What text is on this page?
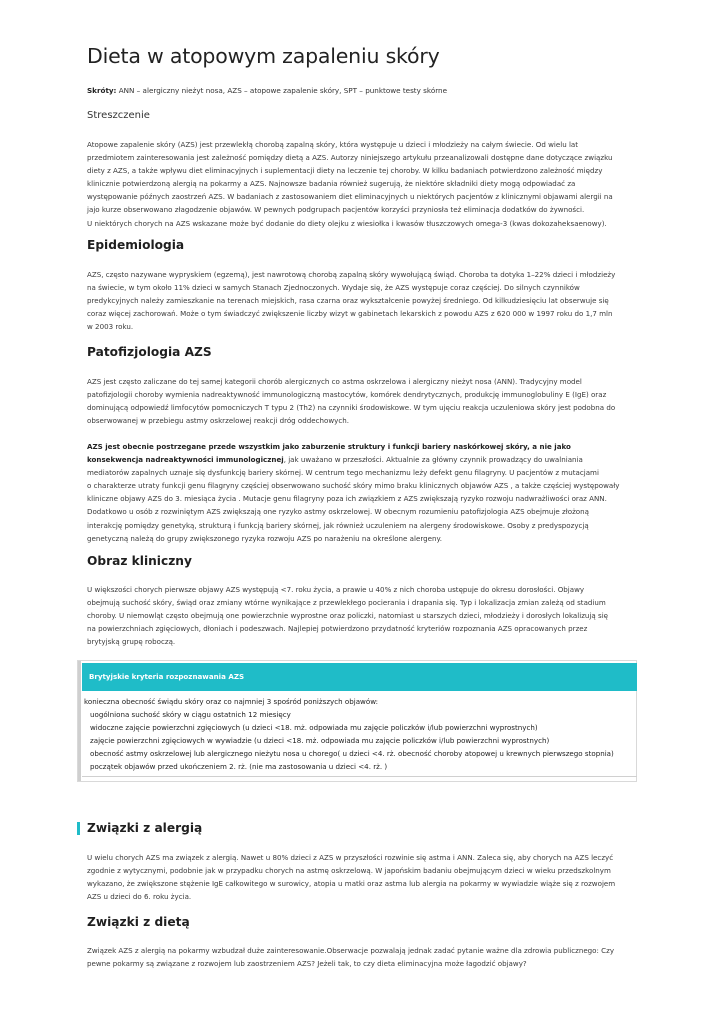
Dieta w atopowym zapaleniu skóry

Skróty: ANN – alergiczny nieżyt nosa, AZS – atopowe zapalenie skóry, SPT – punktowe testy skórne

Streszczenie

Atopowe zapalenie skóry (AZS) jest przewlekłą chorobą zapalną skóry, która występuje u dzieci i młodzieży na całym świecie. Od wielu lat
przedmiotem zainteresowania jest zależność pomiędzy dietą a AZS. Autorzy niniejszego artykułu przeanalizowali dostępne dane dotyczące związku
diety z AZS, a także wpływu diet eliminacyjnych i suplementacji diety na leczenie tej choroby. W kilku badaniach potwierdzono zależność między
klinicznie potwierdzoną alergią na pokarmy a AZS. Najnowsze badania również sugerują, że niektóre składniki diety mogą odpowiadać za
występowanie późnych zaostrzeń AZS. W badaniach z zastosowaniem diet eliminacyjnych u niektórych pacjentów z klinicznymi objawami alergii na
jajo kurze obserwowano złagodzenie objawów. W pewnych podgrupach pacjentów korzyści przyniosła też eliminacja dodatków do żywności.
U niektórych chorych na AZS wskazane może być dodanie do diety olejku z wiesiołka i kwasów tłuszczowych omega-3 (kwas dokozaheksaenowy).

Epidemiologia

AZS, często nazywane wypryskiem (egzemą), jest nawrotową chorobą zapalną skóry wywołującą świąd. Choroba ta dotyka 1–22% dzieci i młodzieży
na świecie, w tym około 11% dzieci w samych Stanach Zjednoczonych. Wydaje się, że AZS występuje coraz częściej. Do silnych czynników
predykcyjnych należy zamieszkanie na terenach miejskich, rasa czarna oraz wykształcenie powyżej średniego. Od kilkudziesięciu lat obserwuje się
coraz więcej zachorowań. Może o tym świadczyć zwiększenie liczby wizyt w gabinetach lekarskich z powodu AZS z 620 000 w 1997 roku do 1,7 mln
w 2003 roku.

Patofizjologia AZS

AZS jest często zaliczane do tej samej kategorii chorób alergicznych co astma oskrzelowa i alergiczny nieżyt nosa (ANN). Tradycyjny model
patofizjologii choroby wymienia nadreaktywność immunologiczną mastocytów, komórek dendrytycznych, produkcję immunoglobuliny E (IgE) oraz
dominującą odpowiedź limfocytów pomocniczych T typu 2 (Th2) na czynniki środowiskowe. W tym ujęciu reakcja uczuleniowa skóry jest podobna do
obserwowanej w przebiegu astmy oskrzelowej reakcji dróg oddechowych.

AZS jest obecnie postrzegane przede wszystkim jako zaburzenie struktury i funkcji bariery naskórkowej skóry, a nie jako
konsekwencja nadreaktywności immunologicznej, jak uważano w przeszłości. Aktualnie za główny czynnik prowadzący do uwalniania
mediatorów zapalnych uznaje się dysfunkcję bariery skórnej. W centrum tego mechanizmu leży defekt genu filagryny. U pacjentów z mutacjami
o charakterze utraty funkcji genu filagryny częściej obserwowano suchość skóry mimo braku klinicznych objawów AZS , a także częściej występowały
kliniczne objawy AZS do 3. miesiąca życia . Mutacje genu filagryny poza ich związkiem z AZS zwiększają ryzyko rozwoju nadwrażliwości oraz ANN.
Dodatkowo u osób z rozwiniętym AZS zwiększają one ryzyko astmy oskrzelowej. W obecnym rozumieniu patofizjologia AZS obejmuje złożoną
interakcję pomiędzy genetyką, strukturą i funkcją bariery skórnej, jak również uczuleniem na alergeny środowiskowe. Osoby z predyspozycją
genetyczną należą do grupy zwiększonego ryzyka rozwoju AZS po narażeniu na określone alergeny.

Obraz kliniczny

U większości chorych pierwsze objawy AZS występują <7. roku życia, a prawie u 40% z nich choroba ustępuje do okresu dorosłości. Objawy
obejmują suchość skóry, świąd oraz zmiany wtórne wynikające z przewlekłego pocierania i drapania się. Typ i lokalizacja zmian zależą od stadium
choroby. U niemowląt często obejmują one powierzchnie wyprostne oraz policzki, natomiast u starszych dzieci, młodzieży i dorosłych lokalizują się
na powierzchniach zgięciowych, dłoniach i podeszwach. Najlepiej potwierdzono przydatność kryteriów rozpoznania AZS opracowanych przez
brytyjską grupę roboczą.

Brytyjskie kryteria rozpoznawania AZS
konieczna obecność świądu skóry oraz co najmniej 3 spośród poniższych objawów:
uogólniona suchość skóry w ciągu ostatnich 12 miesięcy
widoczne zajęcie powierzchni zgięciowych (u dzieci <18. mż. odpowiada mu zajęcie policzków i/lub powierzchni wyprostnych)
zajęcie powierzchni zgięciowych w wywiadzie (u dzieci <18. mż. odpowiada mu zajęcie policzków i/lub powierzchni wyprostnych)
obecność astmy oskrzelowej lub alergicznego nieżytu nosa u chorego( u dzieci <4. rż. obecność choroby atopowej u krewnych pierwszego stopnia)
początek objawów przed ukończeniem 2. rż. (nie ma zastosowania u dzieci <4. rż. )
Związki z alergią

U wielu chorych AZS ma związek z alergią. Nawet u 80% dzieci z AZS w przyszłości rozwinie się astma i ANN. Zaleca się, aby chorych na AZS leczyć
zgodnie z wytycznymi, podobnie jak w przypadku chorych na astmę oskrzelową. W japońskim badaniu obejmującym dzieci w wieku przedszkolnym
wykazano, że zwiększone stężenie IgE całkowitego w surowicy, atopia u matki oraz astma lub alergia na pokarmy w wywiadzie wiąże się z rozwojem
AZS u dzieci do 6. roku życia.

Związki z dietą

Związek AZS z alergią na pokarmy wzbudzał duże zainteresowanie.Obserwacje pozwalają jednak zadać pytanie ważne dla zdrowia publicznego: Czy
pewne pokarmy są związane z rozwojem lub zaostrzeniem AZS? Jeżeli tak, to czy dieta eliminacyjna może łagodzić objawy?
